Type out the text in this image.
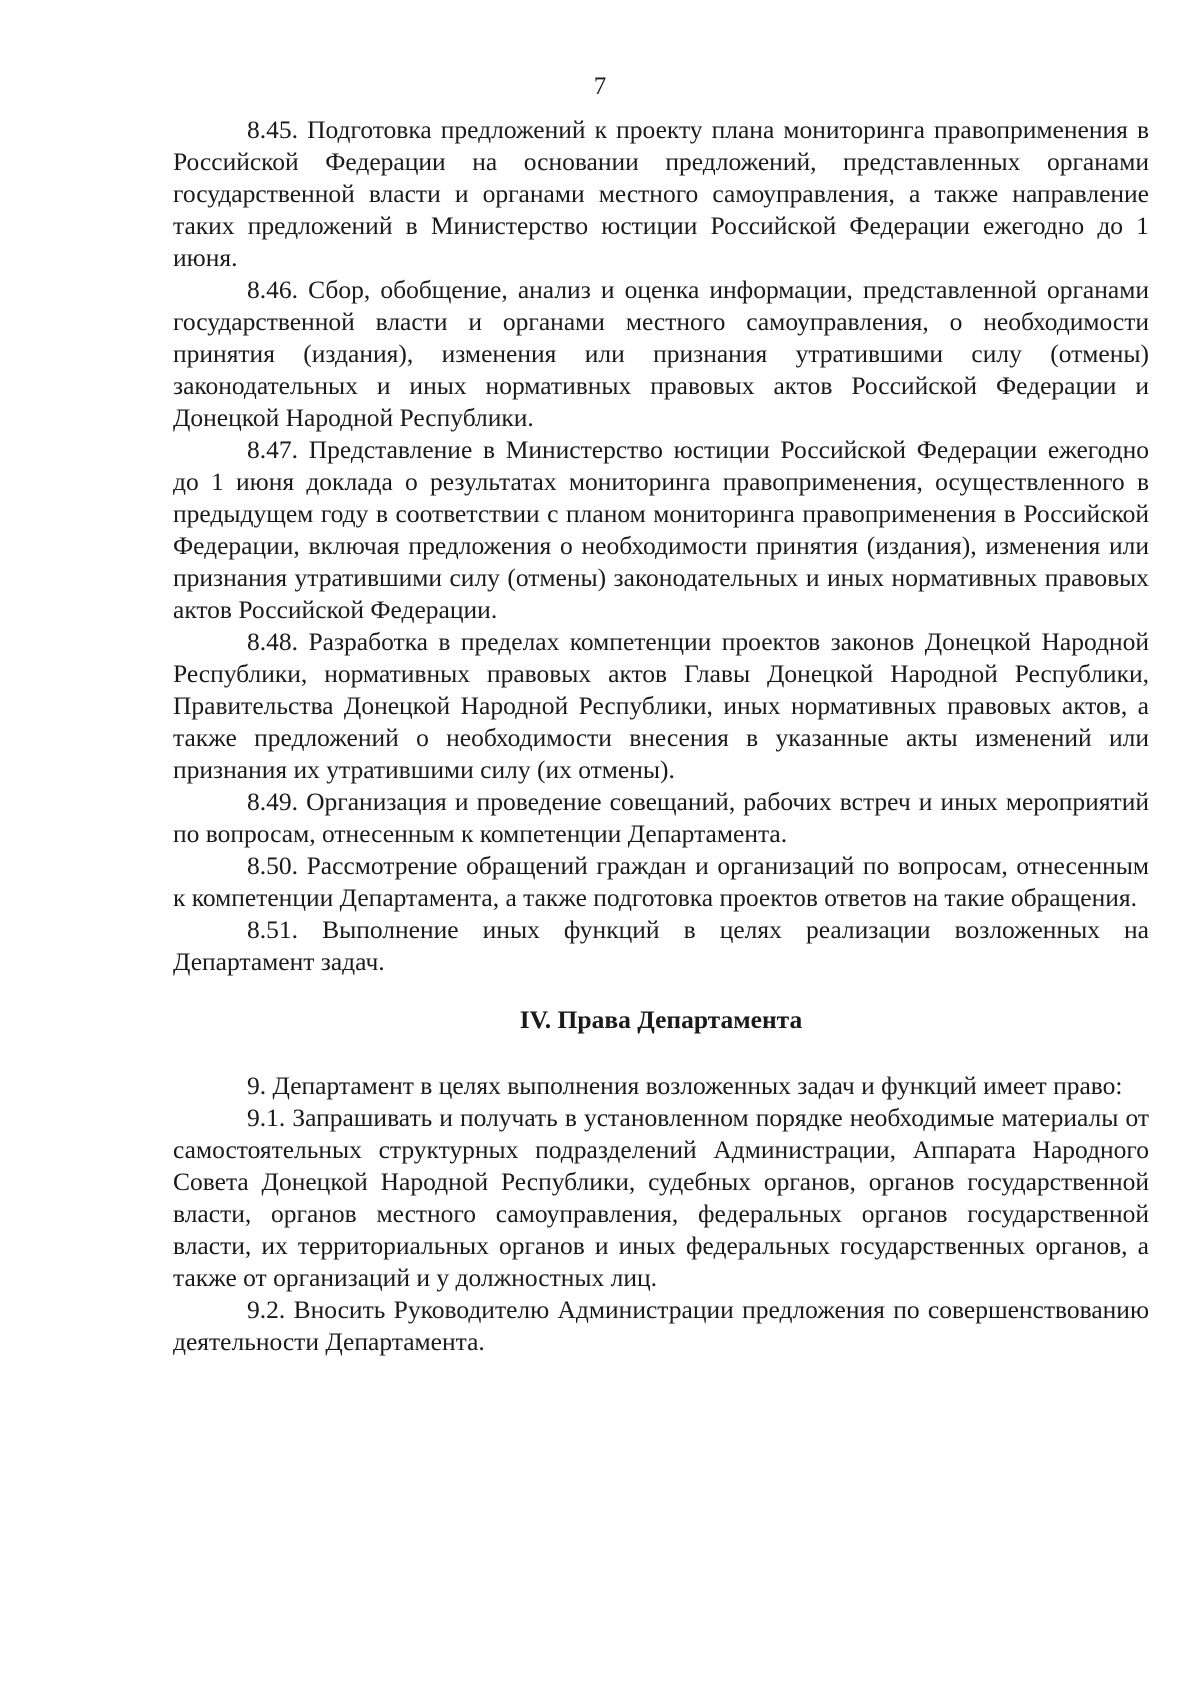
7

8.45. Подготовка предложений к проекту плана мониторинга правоприменения в Российской Федерации на основании предложений, представленных органами государственной власти и органами местного самоуправления, а также направление таких предложений в Министерство юстиции Российской Федерации ежегодно до 1 июня.

8.46. Сбор, обобщение, анализ и оценка информации, представленной органами государственной власти и органами местного самоуправления, о необходимости принятия (издания), изменения или признания утратившими силу (отмены) законодательных и иных нормативных правовых актов Российской Федерации и Донецкой Народной Республики.

8.47. Представление в Министерство юстиции Российской Федерации ежегодно до 1 июня доклада о результатах мониторинга правоприменения, осуществленного в предыдущем году в соответствии с планом мониторинга правоприменения в Российской Федерации, включая предложения о необходимости принятия (издания), изменения или признания утратившими силу (отмены) законодательных и иных нормативных правовых актов Российской Федерации.

8.48. Разработка в пределах компетенции проектов законов Донецкой Народной Республики, нормативных правовых актов Главы Донецкой Народной Республики, Правительства Донецкой Народной Республики, иных нормативных правовых актов, а также предложений о необходимости внесения в указанные акты изменений или признания их утратившими силу (их отмены).

8.49. Организация и проведение совещаний, рабочих встреч и иных мероприятий по вопросам, отнесенным к компетенции Департамента.

8.50. Рассмотрение обращений граждан и организаций по вопросам, отнесенным к компетенции Департамента, а также подготовка проектов ответов на такие обращения.

8.51. Выполнение иных функций в целях реализации возложенных на Департамент задач.

IV. Права Департамента

9. Департамент в целях выполнения возложенных задач и функций имеет право:

9.1. Запрашивать и получать в установленном порядке необходимые материалы от самостоятельных структурных подразделений Администрации, Аппарата Народного Совета Донецкой Народной Республики, судебных органов, органов государственной власти, органов местного самоуправления, федеральных органов государственной власти, их территориальных органов и иных федеральных государственных органов, а также от организаций и у должностных лиц.

9.2. Вносить Руководителю Администрации предложения по совершенствованию деятельности Департамента.
